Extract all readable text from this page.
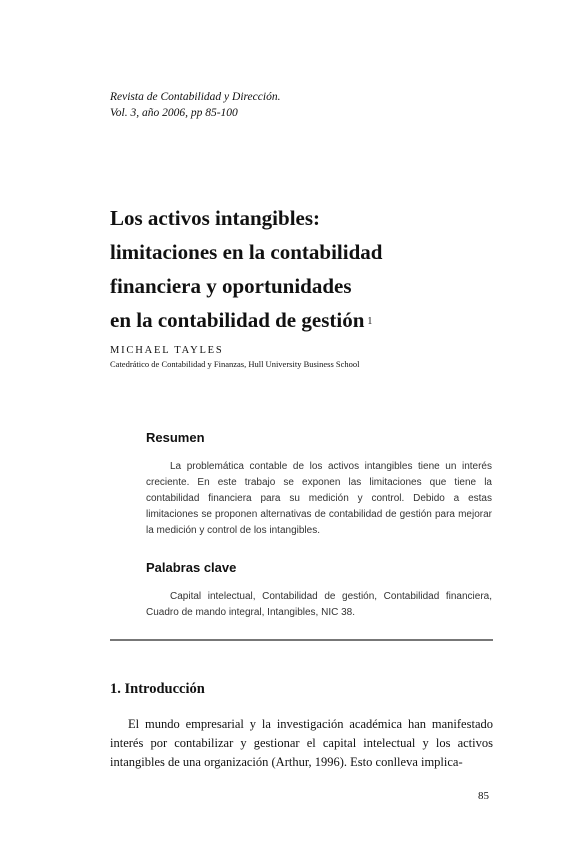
Revista de Contabilidad y Dirección.
Vol. 3, año 2006, pp 85-100
Los activos intangibles:
limitaciones en la contabilidad
financiera y oportunidades
en la contabilidad de gestión $^1$
MICHAEL TAYLES
Catedrático de Contabilidad y Finanzas, Hull University Business School
Resumen

La problemática contable de los activos intangibles tiene un interés creciente. En este trabajo se exponen las limitaciones que tiene la contabilidad financiera para su medición y control. Debido a estas limitaciones se proponen alternativas de contabilidad de gestión para mejorar la medición y control de los intangibles.

Palabras clave

Capital intelectual, Contabilidad de gestión, Contabilidad financiera, Cuadro de mando integral, Intangibles, NIC 38.

1. Introducción

El mundo empresarial y la investigación académica han manifestado interés por contabilizar y gestionar el capital intelectual y los activos intangibles de una organización (Arthur, 1996). Esto conlleva implica-

85
